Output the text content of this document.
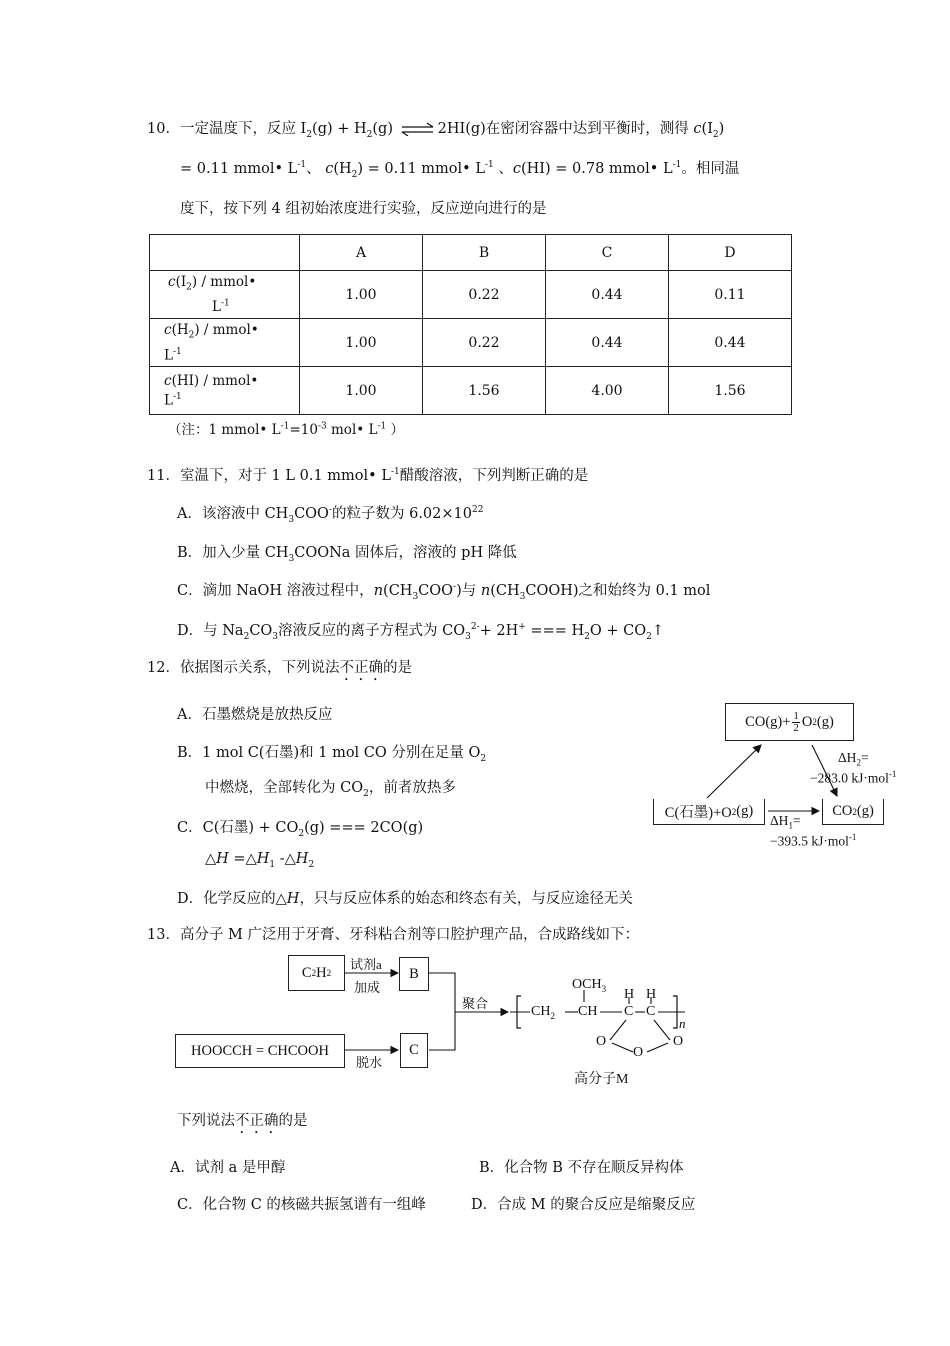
10．一定温度下，反应 $I_2(g) + H_2(g)$ ⇌ 2HI(g)在密闭容器中达到平衡时，测得 $c(I_2)$
= 0.11 mmol• $L^{-1}$、 $c(H_2) = 0.11$ mmol• $L^{-1}$ 、c(HI) = 0.78 mmol• $L^{-1}$。相同温
度下，按下列 4 组初始浓度进行实验，反应逆向进行的是
	A	B	C	D
$c(I_2)$ / mmol•
$L^{-1}$	1.00	0.22	0.44	0.11
$c(H_2)$ / mmol•
$L^{-1}$	1.00	0.22	0.44	0.44
c(HI) / mmol•
$L^{-1}$	1.00	1.56	4.00	1.56
（注：1 mmol• $L^{-1}=10^{-3}$ mol• $L^{-1}$ ）
11．室温下，对于 1 L 0.1 mmol• $L^{-1}$醋酸溶液，下列判断正确的是
A．该溶液中 $CH_3COO^-$的粒子数为 $6.02\times 10^{22}$
B．加入少量 $CH_3COONa$ 固体后，溶液的 pH 降低
C．滴加 NaOH 溶液过程中，$n(CH_3COO^-)$与 $n(CH_3COOH)$之和始终为 0.1 mol
D．与 $Na_2CO_3$溶液反应的离子方程式为 $CO_3^{2-}+ 2H^+$ === $H_2O$ + $CO_2↑$
12．依据图示关系，下列说法不正确的是
A．石墨燃烧是放热反应
B．1 mol C(石墨)和 1 mol CO 分别在足量 $O_2$
中燃烧，全部转化为 $CO_2$，前者放热多
C．C(石墨) + $CO_2(g)$ === 2CO(g)
△H $=\triangle H_1$ $-\triangle H_2$
D．化学反应的△H，只与反应体系的始态和终态有关，与反应途径无关
$CO(g)+ \frac{1}{2}$ O 2 (g)
C(石墨)+O 2 (g)	CO 2 (g)
$\Delta H_2=$
−283.0 kJ·mol$^{-1}$
$\Delta H_1=$
−393.5 kJ·mol$^{-1}$
13．高分子 M 广泛用于牙膏、牙科粘合剂等口腔护理产品，合成路线如下：
C 2 H 2
试剂a
加成
B
HOOCCH = CHCOOH
脱水
C
聚合
$OCH_3$
$CH_2$ CH
H H
C C
O
O
O
n
高分子M
下列说法不正确的是
A．试剂 a 是甲醇	B．化合物 B 不存在顺反异构体
C．化合物 C 的核磁共振氢谱有一组峰	D．合成 M 的聚合反应是缩聚反应
